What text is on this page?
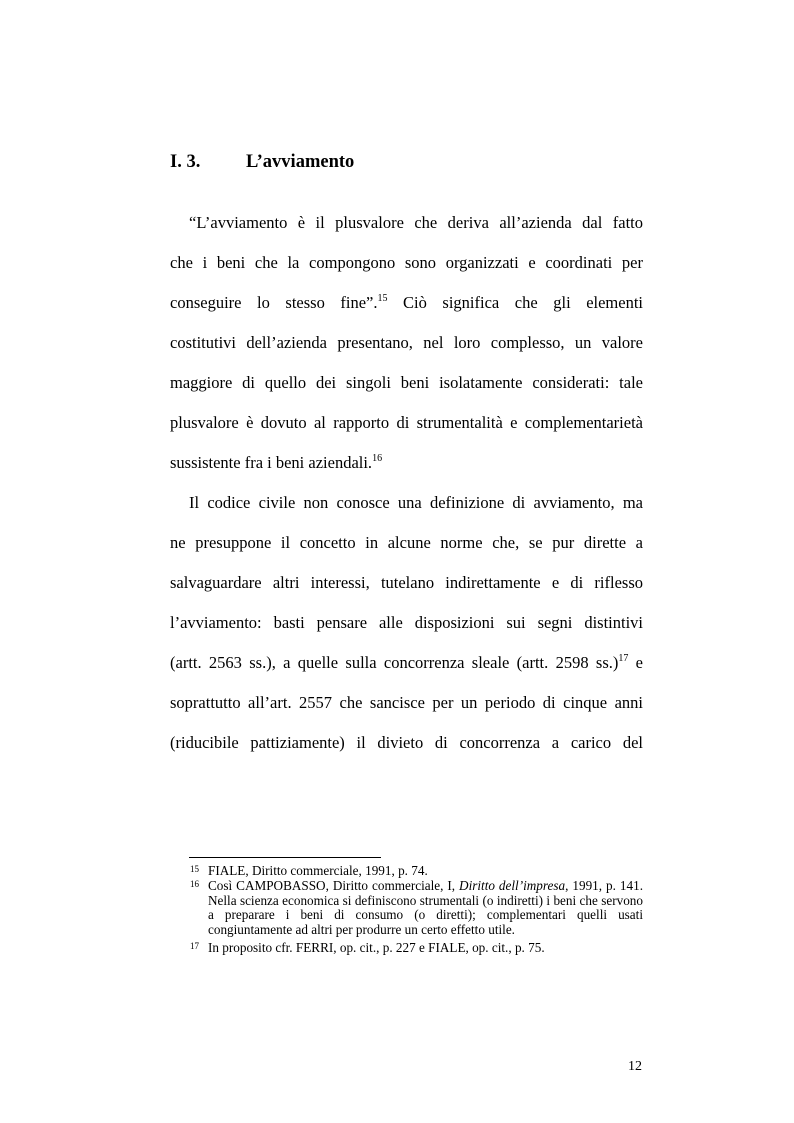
I. 3. L’avviamento
“L’avviamento è il plusvalore che deriva all’azienda dal fatto
che i beni che la compongono sono organizzati e coordinati per
conseguire lo stesso fine”.$^{15}$ Ciò significa che gli elementi
costitutivi dell’azienda presentano, nel loro complesso, un valore
maggiore di quello dei singoli beni isolatamente considerati: tale
plusvalore è dovuto al rapporto di strumentalità e complementarietà
sussistente fra i beni aziendali.$^{16}$
Il codice civile non conosce una definizione di avviamento, ma
ne presuppone il concetto in alcune norme che, se pur dirette a
salvaguardare altri interessi, tutelano indirettamente e di riflesso
l’avviamento: basti pensare alle disposizioni sui segni distintivi
(artt. 2563 ss.), a quelle sulla concorrenza sleale (artt. 2598 ss.)$^{17}$ e
soprattutto all’art. 2557 che sancisce per un periodo di cinque anni
(riducibile pattiziamente) il divieto di concorrenza a carico del
15 FIALE, Diritto commerciale, 1991, p. 74.
16 Così CAMPOBASSO, Diritto commerciale, I, Diritto dell’impresa, 1991, p. 141. Nella scienza economica si definiscono strumentali (o indiretti) i beni che servono a preparare i beni di consumo (o diretti); complementari quelli usati congiuntamente ad altri per produrre un certo effetto utile.
17 In proposito cfr. FERRI, op. cit., p. 227 e FIALE, op. cit., p. 75.
12
